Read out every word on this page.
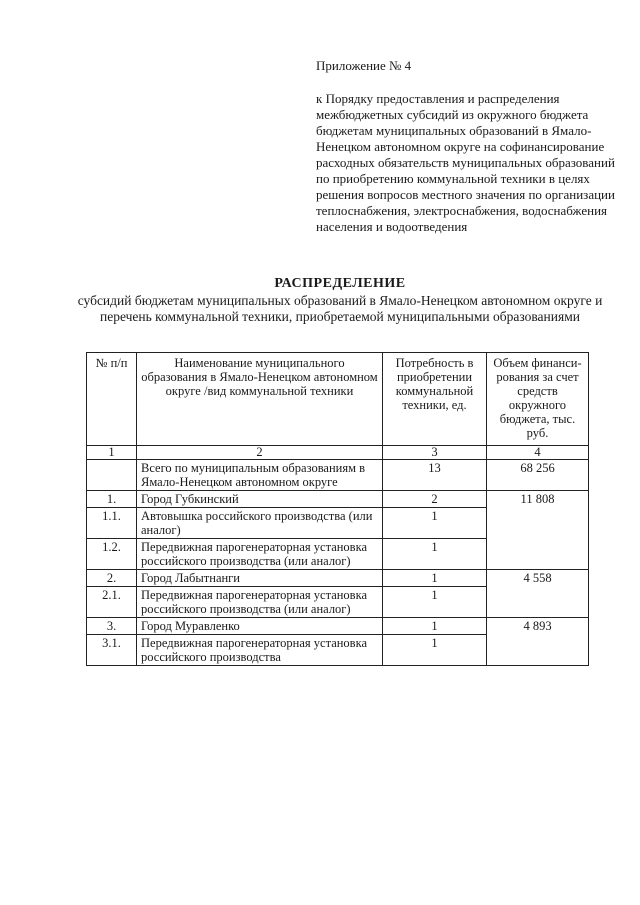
Приложение № 4
к Порядку предоставления и распределения межбюджетных субсидий из окружного бюджета бюджетам муниципальных образований в Ямало-Ненецком автономном округе на софинансирование расходных обязательств муниципальных образований по приобретению коммунальной техники в целях решения вопросов местного значения по организации теплоснабжения, электроснабжения, водоснабжения населения и водоотведения
РАСПРЕДЕЛЕНИЕ
субсидий бюджетам муниципальных образований в Ямало-Ненецком автономном округе и перечень коммунальной техники, приобретаемой муниципальными образованиями
№ п/п	Наименование муниципального образования в Ямало-Ненецком автономном округе /вид коммунальной техники	Потребность в приобретении коммунальной техники, ед.	Объем финанси-рования за счет средств окружного бюджета, тыс. руб.
1	2	3	4
	Всего по муниципальным образованиям в Ямало-Ненецком автономном округе	13	68 256
1.	Город Губкинский	2	11 808
1.1.	Автовышка российского производства (или аналог)	1	
1.2.	Передвижная парогенераторная установка российского производства (или аналог)	1	
2.	Город Лабытнанги	1	4 558
2.1.	Передвижная парогенераторная установка российского производства (или аналог)	1	
3.	Город Муравленко	1	4 893
3.1.	Передвижная парогенераторная установка российского производства	1	
